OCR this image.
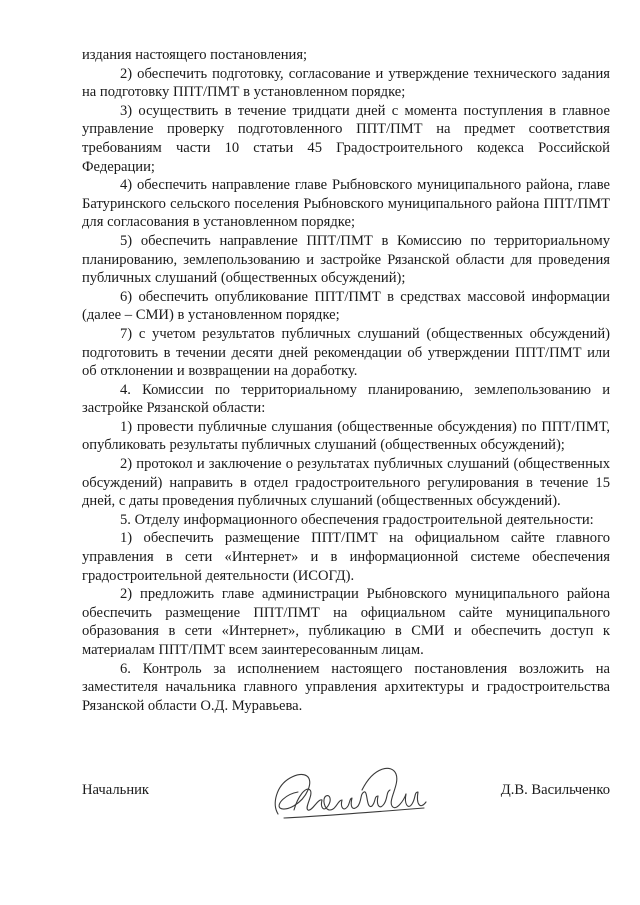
издания настоящего постановления;

2) обеспечить подготовку, согласование и утверждение технического задания на подготовку ППТ/ПМТ в установленном порядке;

3) осуществить в течение тридцати дней с момента поступления в главное управление проверку подготовленного ППТ/ПМТ на предмет соответствия требованиям части 10 статьи 45 Градостроительного кодекса Российской Федерации;

4) обеспечить направление главе Рыбновского муниципального района, главе Батуринского сельского поселения Рыбновского муниципального района ППТ/ПМТ для согласования в установленном порядке;

5) обеспечить направление ППТ/ПМТ в Комиссию по территориальному планированию, землепользованию и застройке Рязанской области для проведения публичных слушаний (общественных обсуждений);

6) обеспечить опубликование ППТ/ПМТ в средствах массовой информации (далее – СМИ) в установленном порядке;

7) с учетом результатов публичных слушаний (общественных обсуждений) подготовить в течении десяти дней рекомендации об утверждении ППТ/ПМТ или об отклонении и возвращении на доработку.

4. Комиссии по территориальному планированию, землепользованию и застройке Рязанской области:

1) провести публичные слушания (общественные обсуждения) по ППТ/ПМТ, опубликовать результаты публичных слушаний (общественных обсуждений);

2) протокол и заключение о результатах публичных слушаний (общественных обсуждений) направить в отдел градостроительного регулирования в течение 15 дней, с даты проведения публичных слушаний (общественных обсуждений).

5. Отделу информационного обеспечения градостроительной деятельности:

1) обеспечить размещение ППТ/ПМТ на официальном сайте главного управления в сети «Интернет» и в информационной системе обеспечения градостроительной деятельности (ИСОГД).

2) предложить главе администрации Рыбновского муниципального района обеспечить размещение ППТ/ПМТ на официальном сайте муниципального образования в сети «Интернет», публикацию в СМИ и обеспечить доступ к материалам ППТ/ПМТ всем заинтересованным лицам.

6. Контроль за исполнением настоящего постановления возложить на заместителя начальника главного управления архитектуры и градостроительства Рязанской области О.Д. Муравьева.

Начальник	Д.В. Васильченко
